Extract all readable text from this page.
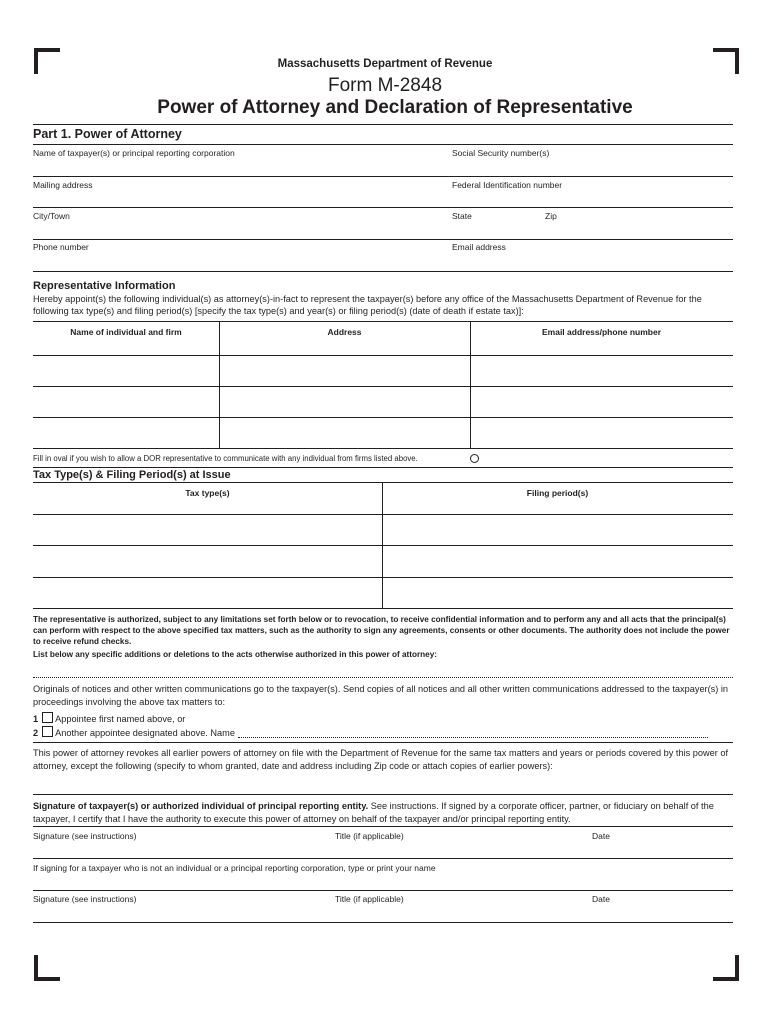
Massachusetts Department of Revenue
Form M-2848
Power of Attorney and Declaration of Representative
Part 1. Power of Attorney
Name of taxpayer(s) or principal reporting corporation	Social Security number(s)
Mailing address	Federal Identification number
City/Town	State	Zip
Phone number	Email address
Representative Information
Hereby appoint(s) the following individual(s) as attorney(s)-in-fact to represent the taxpayer(s) before any office of the Massachusetts Department of Revenue for the following tax type(s) and filing period(s) [specify the tax type(s) and year(s) or filing period(s) (date of death if estate tax)]:
Name of individual and firm	Address	Email address/phone number
Fill in oval if you wish to allow a DOR representative to communicate with any individual from firms listed above.
Tax Type(s) & Filing Period(s) at Issue
Tax type(s)	Filing period(s)
The representative is authorized, subject to any limitations set forth below or to revocation, to receive confidential information and to perform any and all acts that the principal(s) can perform with respect to the above specified tax matters, such as the authority to sign any agreements, consents or other documents. The authority does not include the power to receive refund checks.
List below any specific additions or deletions to the acts otherwise authorized in this power of attorney:
Originals of notices and other written communications go to the taxpayer(s). Send copies of all notices and all other written communications addressed to the taxpayer(s) in proceedings involving the above tax matters to:
1 Appointee first named above, or
2 Another appointee designated above. Name
This power of attorney revokes all earlier powers of attorney on file with the Department of Revenue for the same tax matters and years or periods covered by this power of attorney, except the following (specify to whom granted, date and address including Zip code or attach copies of earlier powers):
Signature of taxpayer(s) or authorized individual of principal reporting entity. See instructions. If signed by a corporate officer, partner, or fiduciary on behalf of the taxpayer, I certify that I have the authority to execute this power of attorney on behalf of the taxpayer and/or principal reporting entity.
Signature (see instructions)	Title (if applicable)	Date
If signing for a taxpayer who is not an individual or a principal reporting corporation, type or print your name
Signature (see instructions)	Title (if applicable)	Date
